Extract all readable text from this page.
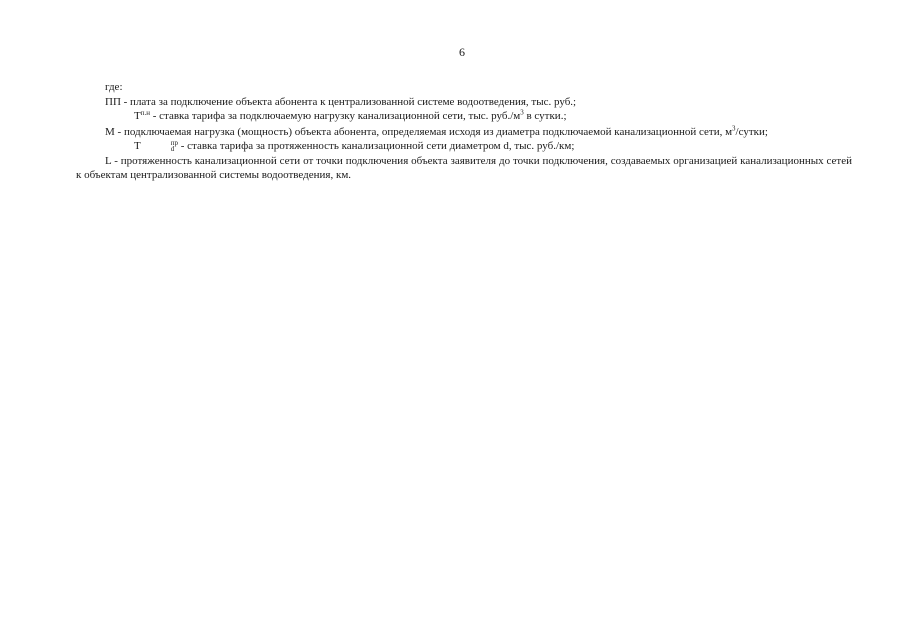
6

где:

ПП - плата за подключение объекта абонента к централизованной системе водоотведения, тыс. руб.;

$Т^{п.н}$ - ставка тарифа за подключаемую нагрузку канализационной сети, тыс. $руб./м^3$ в сутки.;

М - подключаемая нагрузка (мощность) объекта абонента, определяемая исходя из диаметра подключаемой канализационной сети, $м^3$/сутки;

Т	пр
d - ставка тарифа за протяженность канализационной сети диаметром d, тыс. руб./км;

L - протяженность канализационной сети от точки подключения объекта заявителя до точки подключения, создаваемых организацией канализационных сетей к объектам централизованной системы водоотведения, км.
